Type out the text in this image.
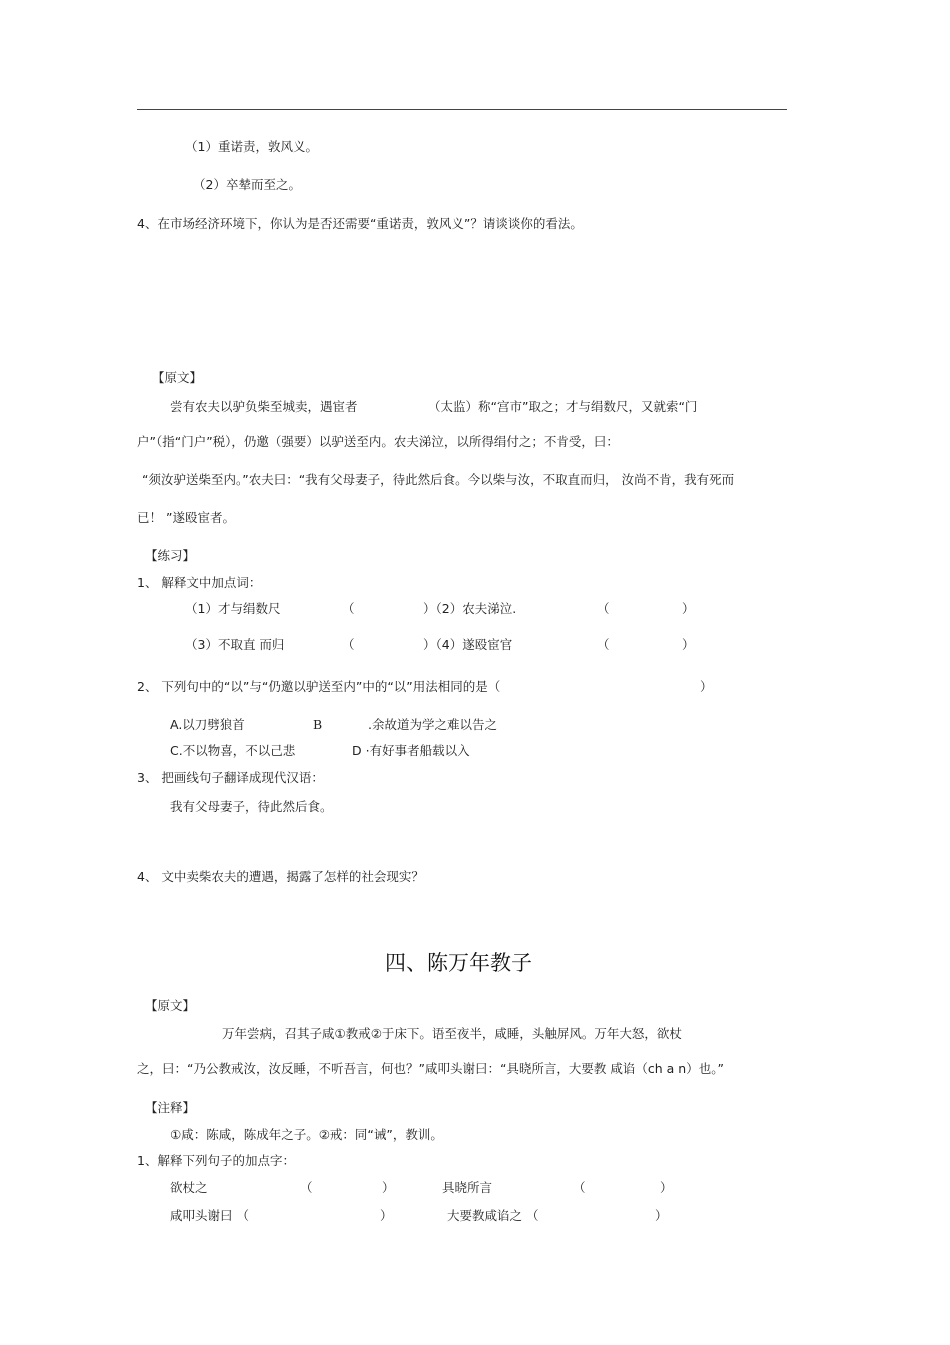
（1）重诺责，敦风义。
（2）卒辇而至之。
4、在市场经济环境下，你认为是否还需要“重诺责，敦风义”？请谈谈你的看法。
【原文】
尝有农夫以驴负柴至城卖，遇宦者	（太监）称“宫市”取之；才与绢数尺，又就索“门
户”（指“门户”税），仍邀（强要）以驴送至内。农夫涕泣，以所得绢付之；不肯受，曰：
“须汝驴送柴至内。”农夫曰：“我有父母妻子，待此然后食。今以柴与汝，不取直而归， 汝尚不肯，我有死而
已！ ”遂殴宦者。
【练习】
1、 解释文中加点词：
（1）才与绢数尺	（	）（2）农夫涕泣.	（	）
（3）不取直 而归	（	）（4）遂殴宦官	（	）
2、 下列句中的“以”与“仍邀以驴送至内”中的“以”用法相同的是（	）
A.以刀劈狼首	B	.余故道为学之难以告之
C.不以物喜，不以己悲	D ·有好事者船载以入
3、 把画线句子翻译成现代汉语：
我有父母妻子，待此然后食。
4、 文中卖柴农夫的遭遇，揭露了怎样的社会现实？
四、陈万年教子
【原文】
万年尝病，召其子咸①教戒②于床下。语至夜半，咸睡，头触屏风。万年大怒，欲杖
之，曰：“乃公教戒汝，汝反睡，不听吾言，何也？”咸叩头谢曰：“具晓所言，大要教 咸谄（ch a n）也。”
【注释】
①咸：陈咸，陈成年之子。②戒：同“诫”，教训。
1、解释下列句子的加点字：
欲杖之	（	）	具晓所言	（	）
咸叩头谢曰 （	）	大要教咸谄之 （	）
